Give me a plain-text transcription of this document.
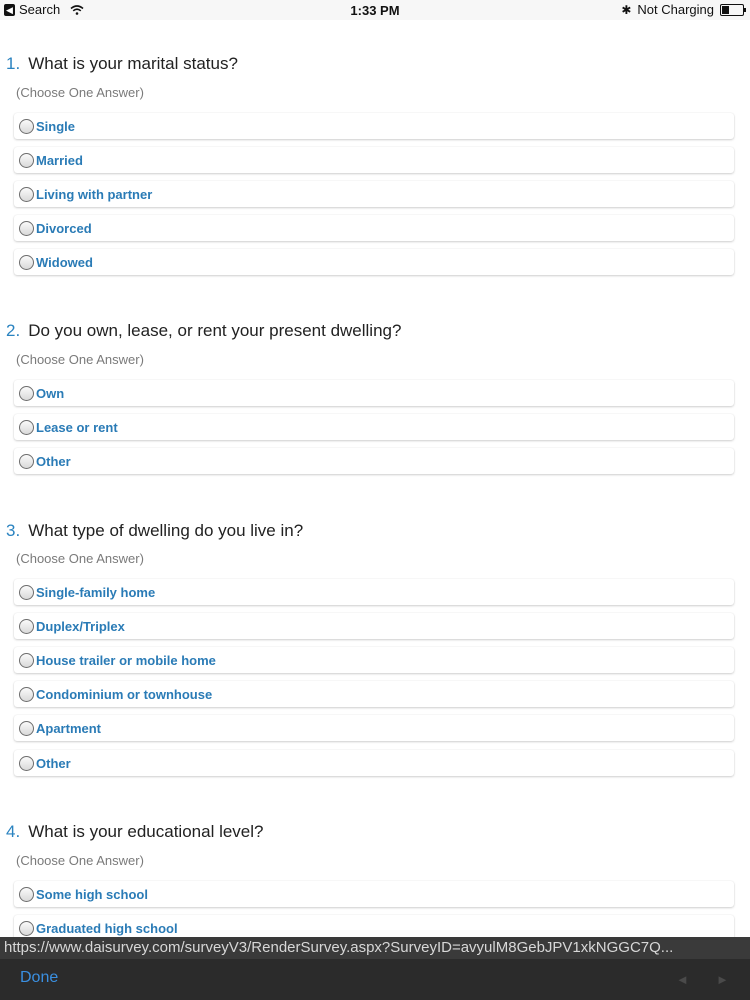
◀ Search	1:33 PM	✱ Not Charging
1. What is your marital status?
(Choose One Answer)
Single
Married
Living with partner
Divorced
Widowed
2. Do you own, lease, or rent your present dwelling?
(Choose One Answer)
Own
Lease or rent
Other
3. What type of dwelling do you live in?
(Choose One Answer)
Single-family home
Duplex/Triplex
House trailer or mobile home
Condominium or townhouse
Apartment
Other
4. What is your educational level?
(Choose One Answer)
Some high school
Graduated high school
https://www.daisurvey.com/surveyV3/RenderSurvey.aspx?SurveyID=avyulM8GebJPV1xkNGGC7Q...
Done	◄ ►
